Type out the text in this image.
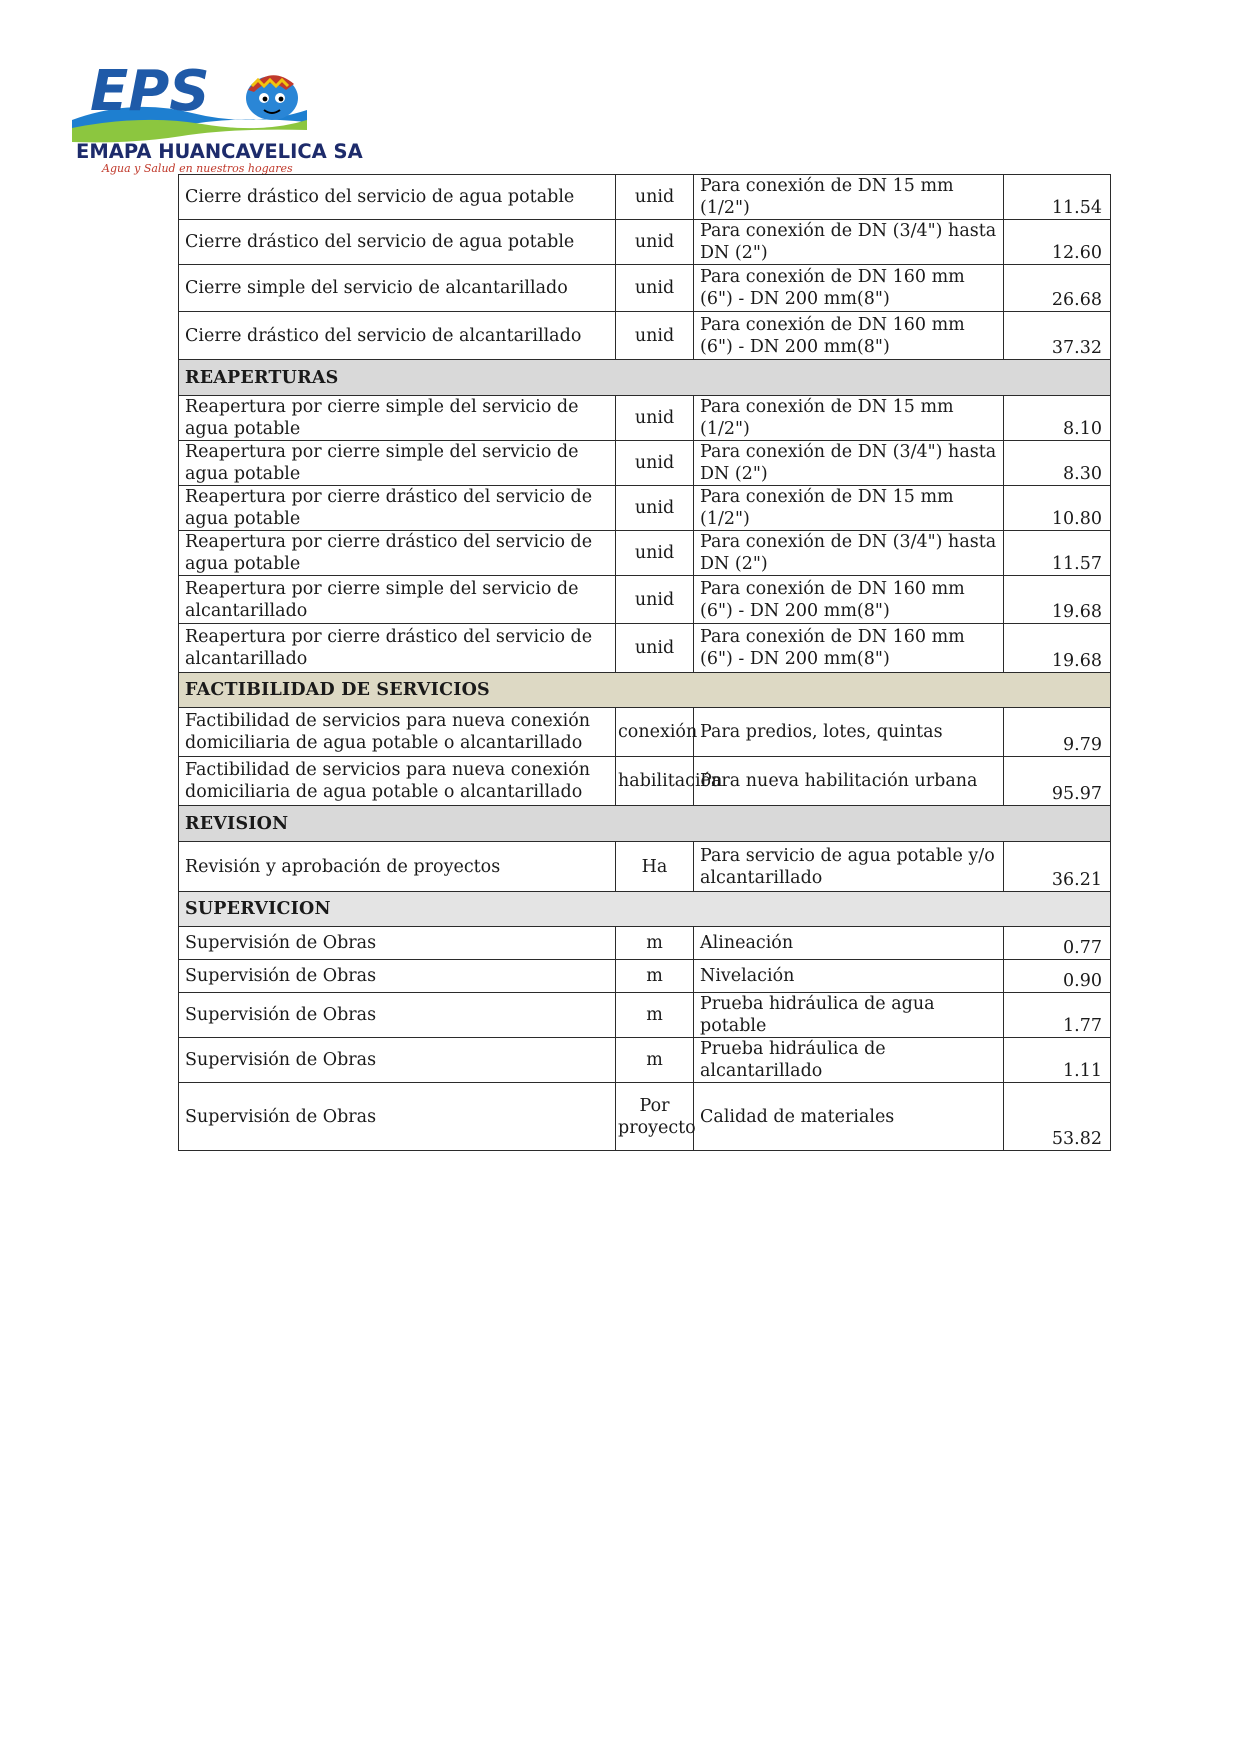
EPS
EMAPA HUANCAVELICA SA
Agua y Salud en nuestros hogares
Cierre drástico del servicio de agua potable	unid	Para conexión de DN 15 mm (1/2")	11.54
Cierre drástico del servicio de agua potable	unid	Para conexión de DN (3/4") hasta DN (2")	12.60
Cierre simple del servicio de alcantarillado	unid	Para conexión de DN 160 mm (6") - DN 200 mm(8")	26.68
Cierre drástico del servicio de alcantarillado	unid	Para conexión de DN 160 mm (6") - DN 200 mm(8")	37.32
REAPERTURAS			
Reapertura por cierre simple del servicio de agua potable	unid	Para conexión de DN 15 mm (1/2")	8.10
Reapertura por cierre simple del servicio de agua potable	unid	Para conexión de DN (3/4") hasta DN (2")	8.30
Reapertura por cierre drástico del servicio de agua potable	unid	Para conexión de DN 15 mm (1/2")	10.80
Reapertura por cierre drástico del servicio de agua potable	unid	Para conexión de DN (3/4") hasta DN (2")	11.57
Reapertura por cierre simple del servicio de alcantarillado	unid	Para conexión de DN 160 mm (6") - DN 200 mm(8")	19.68
Reapertura por cierre drástico del servicio de alcantarillado	unid	Para conexión de DN 160 mm (6") - DN 200 mm(8")	19.68
FACTIBILIDAD DE SERVICIOS			
Factibilidad de servicios para nueva conexión domiciliaria de agua potable o alcantarillado	conexión	Para predios, lotes, quintas	9.79
Factibilidad de servicios para nueva conexión domiciliaria de agua potable o alcantarillado	habilitación	Para nueva habilitación urbana	95.97
REVISION			
Revisión y aprobación de proyectos	Ha	Para servicio de agua potable y/o alcantarillado	36.21
SUPERVICION			
Supervisión de Obras	m	Alineación	0.77
Supervisión de Obras	m	Nivelación	0.90
Supervisión de Obras	m	Prueba hidráulica de agua potable	1.77
Supervisión de Obras	m	Prueba hidráulica de alcantarillado	1.11
Supervisión de Obras	Por proyecto	Calidad de materiales	53.82
